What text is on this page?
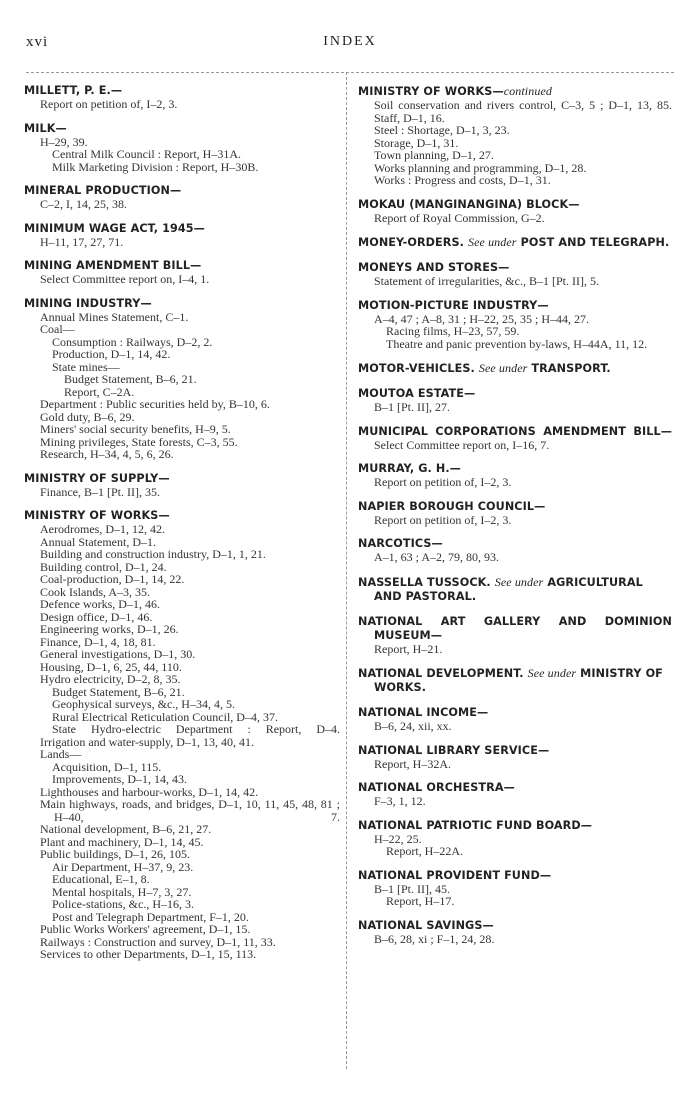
xvi	INDEX
MILLETT, P. E.—
Report on petition of, I–2, 3.
MILK—
H–29, 39.
Central Milk Council : Report, H–31A.
Milk Marketing Division : Report, H–30B.
MINERAL PRODUCTION—
C–2, I, 14, 25, 38.
MINIMUM WAGE ACT, 1945—
H–11, 17, 27, 71.
MINING AMENDMENT BILL—
Select Committee report on, I–4, 1.
MINING INDUSTRY—
Annual Mines Statement, C–1.
Coal—
Consumption : Railways, D–2, 2.
Production, D–1, 14, 42.
State mines—
Budget Statement, B–6, 21.
Report, C–2A.
Department : Public securities held by, B–10, 6.
Gold duty, B–6, 29.
Miners' social security benefits, H–9, 5.
Mining privileges, State forests, C–3, 55.
Research, H–34, 4, 5, 6, 26.
MINISTRY OF SUPPLY—
Finance, B–1 [Pt. II], 35.
MINISTRY OF WORKS—
Aerodromes, D–1, 12, 42.
Annual Statement, D–1.
Building and construction industry, D–1, 1, 21.
Building control, D–1, 24.
Coal-production, D–1, 14, 22.
Cook Islands, A–3, 35.
Defence works, D–1, 46.
Design office, D–1, 46.
Engineering works, D–1, 26.
Finance, D–1, 4, 18, 81.
General investigations, D–1, 30.
Housing, D–1, 6, 25, 44, 110.
Hydro electricity, D–2, 8, 35.
Budget Statement, B–6, 21.
Geophysical surveys, &c., H–34, 4, 5.
Rural Electrical Reticulation Council, D–4, 37.
State Hydro-electric Department : Report, D–4.
Irrigation and water-supply, D–1, 13, 40, 41.
Lands—
Acquisition, D–1, 115.
Improvements, D–1, 14, 43.
Lighthouses and harbour-works, D–1, 14, 42.
Main highways, roads, and bridges, D–1, 10, 11, 45, 48, 81 ; H–40, 7.
National development, B–6, 21, 27.
Plant and machinery, D–1, 14, 45.
Public buildings, D–1, 26, 105.
Air Department, H–37, 9, 23.
Educational, E–1, 8.
Mental hospitals, H–7, 3, 27.
Police-stations, &c., H–16, 3.
Post and Telegraph Department, F–1, 20.
Public Works Workers' agreement, D–1, 15.
Railways : Construction and survey, D–1, 11, 33.
Services to other Departments, D–1, 15, 113.
MINISTRY OF WORKS—continued
Soil conservation and rivers control, C–3, 5 ; D–1, 13, 85.
Staff, D–1, 16.
Steel : Shortage, D–1, 3, 23.
Storage, D–1, 31.
Town planning, D–1, 27.
Works planning and programming, D–1, 28.
Works : Progress and costs, D–1, 31.
MOKAU (MANGINANGINA) BLOCK—
Report of Royal Commission, G–2.
MONEY-ORDERS. See under POST AND TELEGRAPH.
MONEYS AND STORES—
Statement of irregularities, &c., B–1 [Pt. II], 5.
MOTION-PICTURE INDUSTRY—
A–4, 47 ; A–8, 31 ; H–22, 25, 35 ; H–44, 27.
Racing films, H–23, 57, 59.
Theatre and panic prevention by-laws, H–44A, 11, 12.
MOTOR-VEHICLES. See under TRANSPORT.
MOUTOA ESTATE—
B–1 [Pt. II], 27.
MUNICIPAL CORPORATIONS AMENDMENT BILL—
Select Committee report on, I–16, 7.
MURRAY, G. H.—
Report on petition of, I–2, 3.
NAPIER BOROUGH COUNCIL—
Report on petition of, I–2, 3.
NARCOTICS—
A–1, 63 ; A–2, 79, 80, 93.
NASSELLA TUSSOCK. See under AGRICULTURAL AND PASTORAL.
NATIONAL ART GALLERY AND DOMINION MUSEUM—
Report, H–21.
NATIONAL DEVELOPMENT. See under MINISTRY OF WORKS.
NATIONAL INCOME—
B–6, 24, xii, xx.
NATIONAL LIBRARY SERVICE—
Report, H–32A.
NATIONAL ORCHESTRA—
F–3, 1, 12.
NATIONAL PATRIOTIC FUND BOARD—
H–22, 25.
Report, H–22A.
NATIONAL PROVIDENT FUND—
B–1 [Pt. II], 45.
Report, H–17.
NATIONAL SAVINGS—
B–6, 28, xi ; F–1, 24, 28.
